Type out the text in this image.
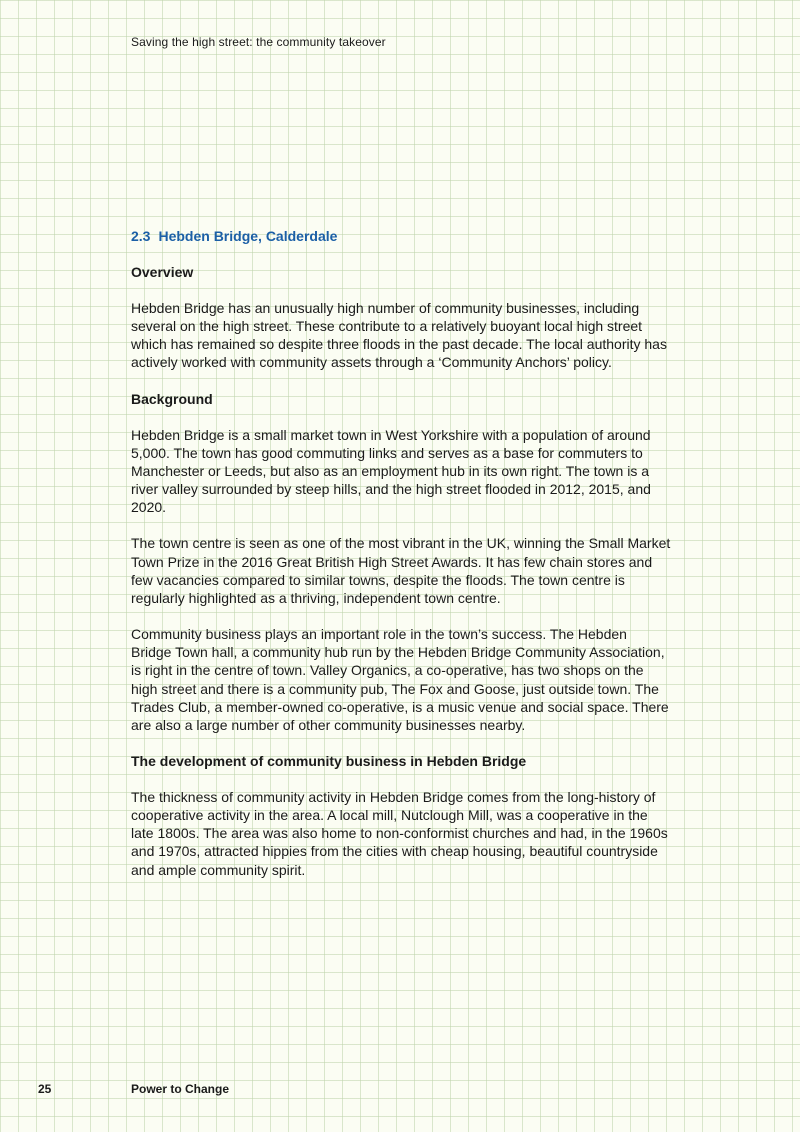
Saving the high street: the community takeover
2.3 Hebden Bridge, Calderdale
Overview

Hebden Bridge has an unusually high number of community businesses, including several on the high street. These contribute to a relatively buoyant local high street which has remained so despite three floods in the past decade. The local authority has actively worked with community assets through a ‘Community Anchors’ policy.

Background

Hebden Bridge is a small market town in West Yorkshire with a population of around 5,000. The town has good commuting links and serves as a base for commuters to Manchester or Leeds, but also as an employment hub in its own right. The town is a river valley surrounded by steep hills, and the high street flooded in 2012, 2015, and 2020.

The town centre is seen as one of the most vibrant in the UK, winning the Small Market Town Prize in the 2016 Great British High Street Awards. It has few chain stores and few vacancies compared to similar towns, despite the floods. The town centre is regularly highlighted as a thriving, independent town centre.

Community business plays an important role in the town’s success. The Hebden Bridge Town hall, a community hub run by the Hebden Bridge Community Association, is right in the centre of town. Valley Organics, a co-operative, has two shops on the high street and there is a community pub, The Fox and Goose, just outside town. The Trades Club, a member-owned co-operative, is a music venue and social space. There are also a large number of other community businesses nearby.

The development of community business in Hebden Bridge

The thickness of community activity in Hebden Bridge comes from the long-history of cooperative activity in the area. A local mill, Nutclough Mill, was a cooperative in the late 1800s. The area was also home to non-conformist churches and had, in the 1960s and 1970s, attracted hippies from the cities with cheap housing, beautiful countryside and ample community spirit.

25	Power to Change
